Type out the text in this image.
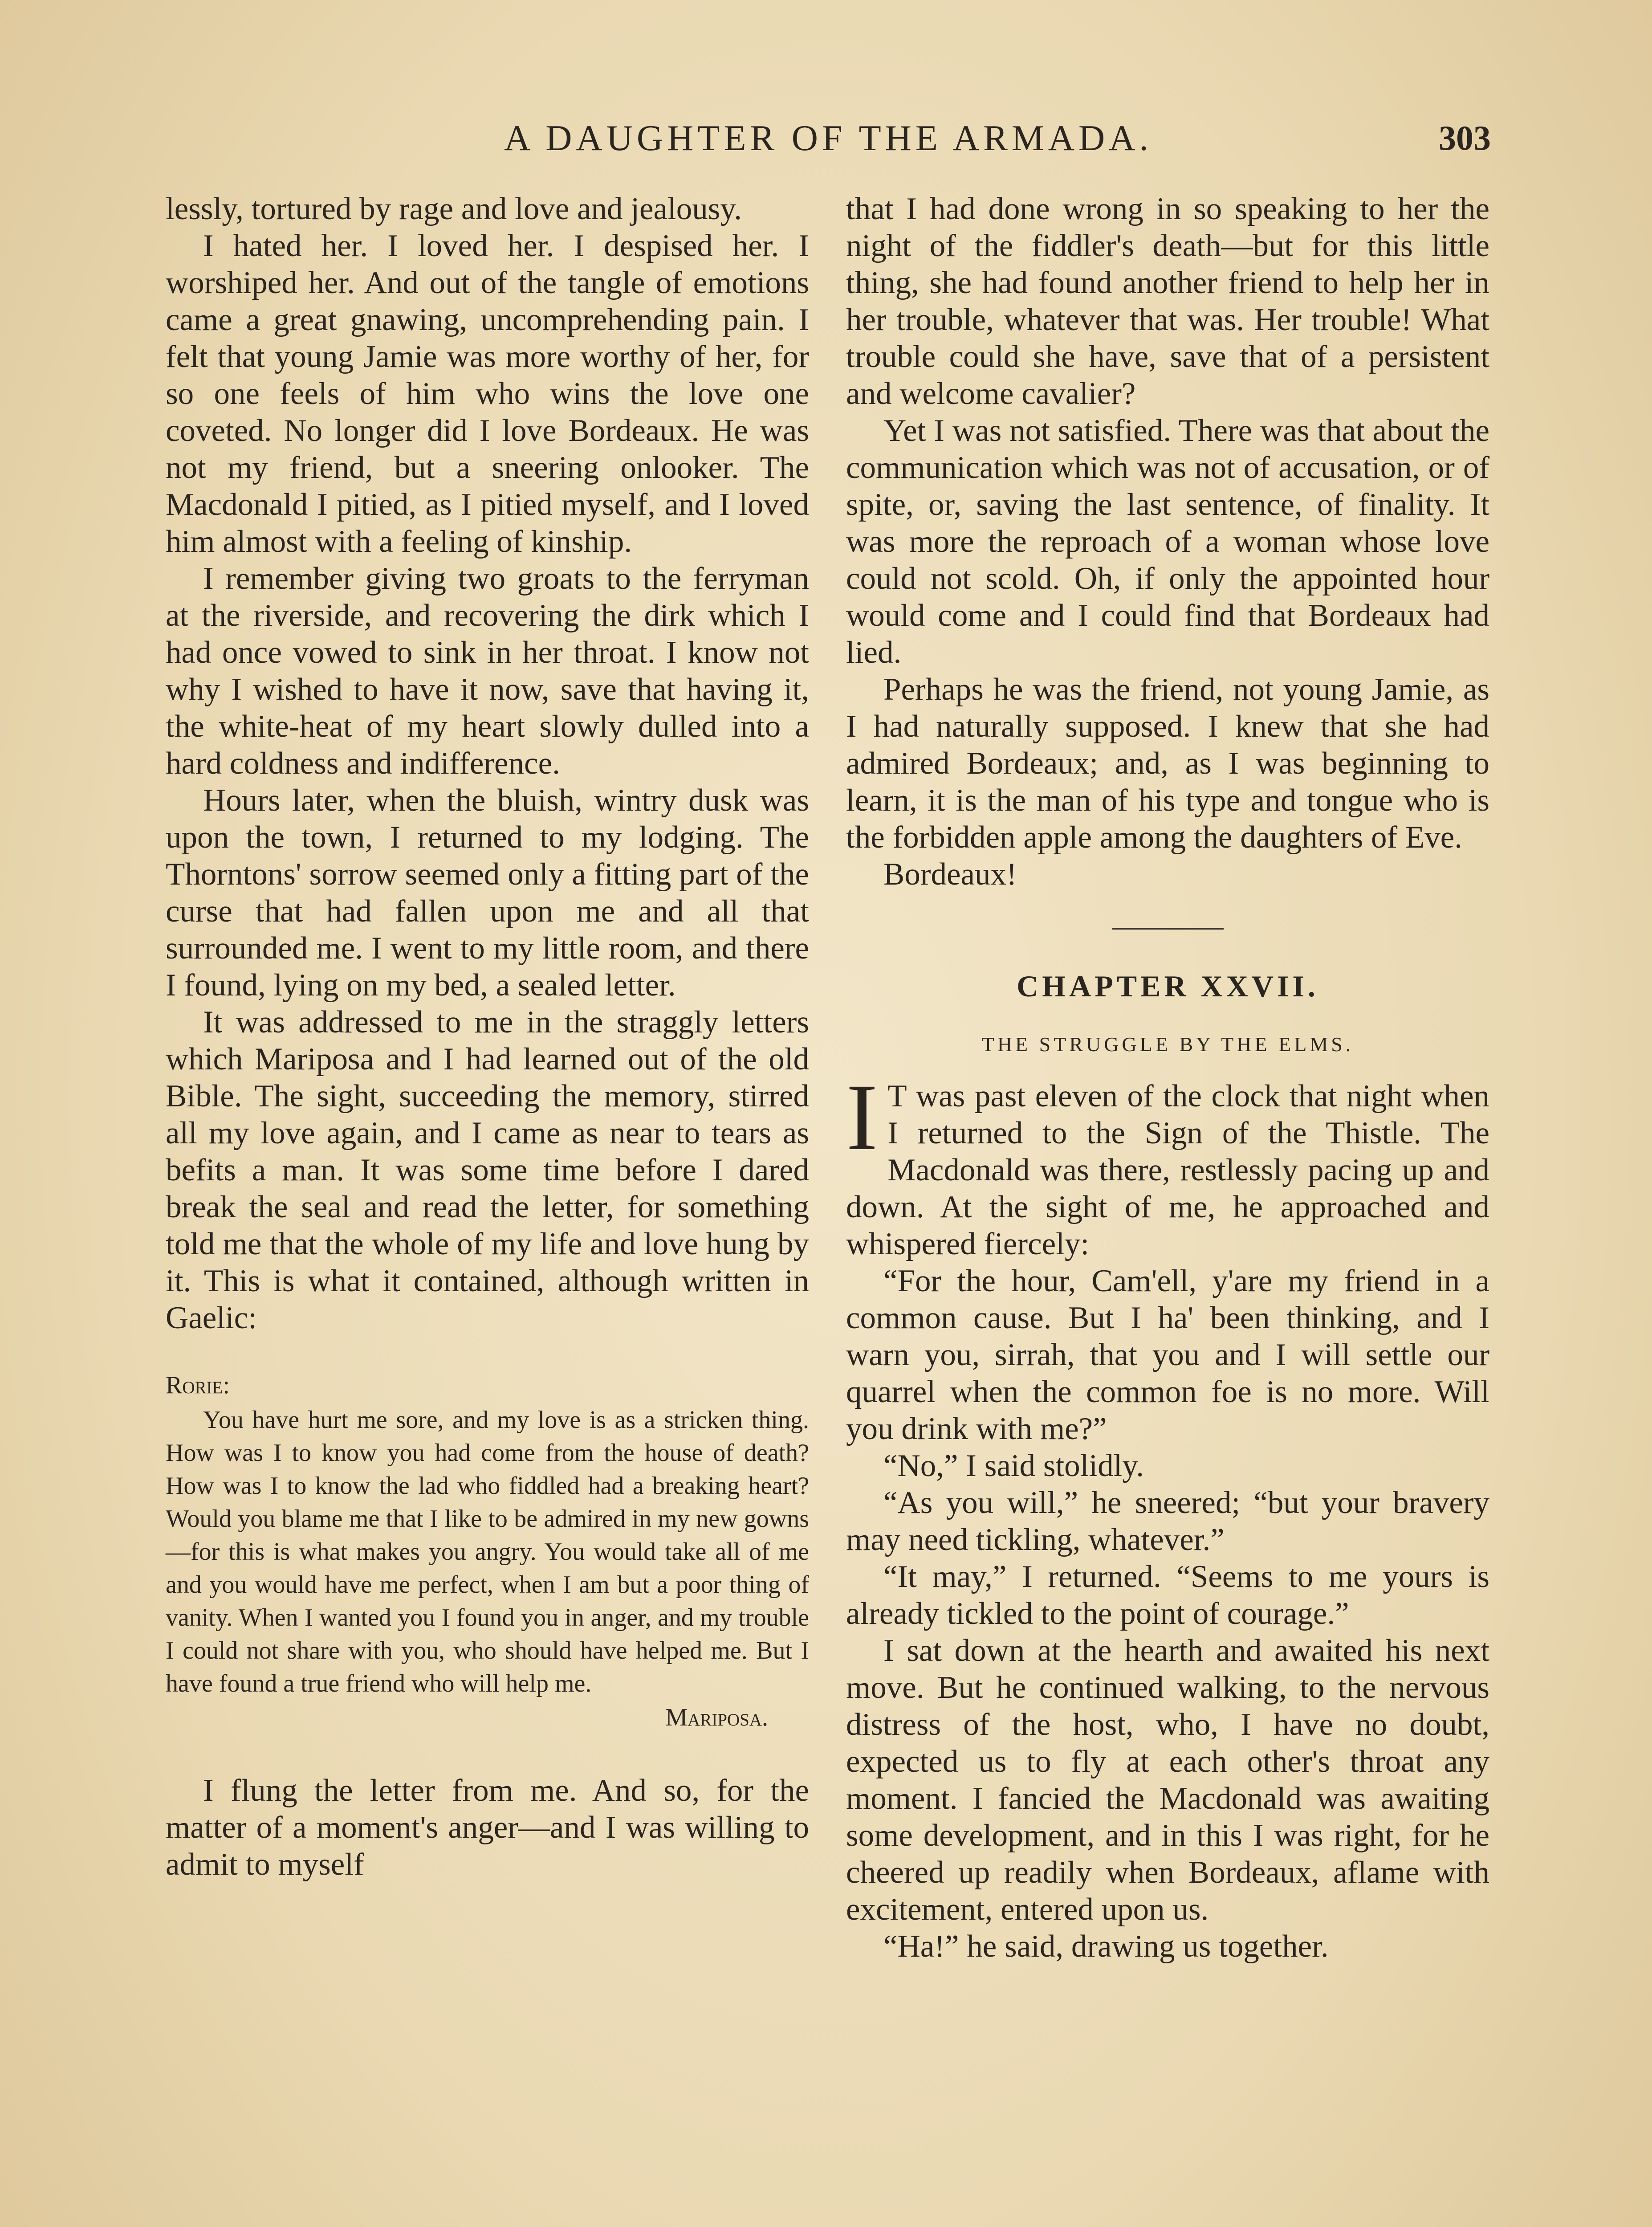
A DAUGHTER OF THE ARMADA.	303

lessly, tortured by rage and love and jealousy.

I hated her. I loved her. I despised her. I worshiped her. And out of the tangle of emotions came a great gnawing, uncomprehending pain. I felt that young Jamie was more worthy of her, for so one feels of him who wins the love one coveted. No longer did I love Bordeaux. He was not my friend, but a sneering onlooker. The Macdonald I pitied, as I pitied myself, and I loved him almost with a feeling of kinship.

I remember giving two groats to the ferryman at the riverside, and recovering the dirk which I had once vowed to sink in her throat. I know not why I wished to have it now, save that having it, the white-heat of my heart slowly dulled into a hard coldness and indifference.

Hours later, when the bluish, wintry dusk was upon the town, I returned to my lodging. The Thorntons' sorrow seemed only a fitting part of the curse that had fallen upon me and all that surrounded me. I went to my little room, and there I found, lying on my bed, a sealed letter.

It was addressed to me in the straggly letters which Mariposa and I had learned out of the old Bible. The sight, succeeding the memory, stirred all my love again, and I came as near to tears as befits a man. It was some time before I dared break the seal and read the letter, for something told me that the whole of my life and love hung by it. This is what it contained, although written in Gaelic:

Rorie:

You have hurt me sore, and my love is as a stricken thing. How was I to know you had come from the house of death? How was I to know the lad who fiddled had a breaking heart? Would you blame me that I like to be admired in my new gowns—for this is what makes you angry. You would take all of me and you would have me perfect, when I am but a poor thing of vanity. When I wanted you I found you in anger, and my trouble I could not share with you, who should have helped me. But I have found a true friend who will help me.

Mariposa.

I flung the letter from me. And so, for the matter of a moment's anger—and I was willing to admit to myself

that I had done wrong in so speaking to her the night of the fiddler's death—but for this little thing, she had found another friend to help her in her trouble, whatever that was. Her trouble! What trouble could she have, save that of a persistent and welcome cavalier?

Yet I was not satisfied. There was that about the communication which was not of accusation, or of spite, or, saving the last sentence, of finality. It was more the reproach of a woman whose love could not scold. Oh, if only the appointed hour would come and I could find that Bordeaux had lied.

Perhaps he was the friend, not young Jamie, as I had naturally supposed. I knew that she had admired Bordeaux; and, as I was beginning to learn, it is the man of his type and tongue who is the forbidden apple among the daughters of Eve.

Bordeaux!

CHAPTER XXVII.
THE STRUGGLE BY THE ELMS.

IT was past eleven of the clock that night when I returned to the Sign of the Thistle. The Macdonald was there, restlessly pacing up and down. At the sight of me, he approached and whispered fiercely:

“For the hour, Cam'ell, y'are my friend in a common cause. But I ha' been thinking, and I warn you, sirrah, that you and I will settle our quarrel when the common foe is no more. Will you drink with me?”

“No,” I said stolidly.

“As you will,” he sneered; “but your bravery may need tickling, whatever.”

“It may,” I returned. “Seems to me yours is already tickled to the point of courage.”

I sat down at the hearth and awaited his next move. But he continued walking, to the nervous distress of the host, who, I have no doubt, expected us to fly at each other's throat any moment. I fancied the Macdonald was awaiting some development, and in this I was right, for he cheered up readily when Bordeaux, aflame with excitement, entered upon us.

“Ha!” he said, drawing us together.
